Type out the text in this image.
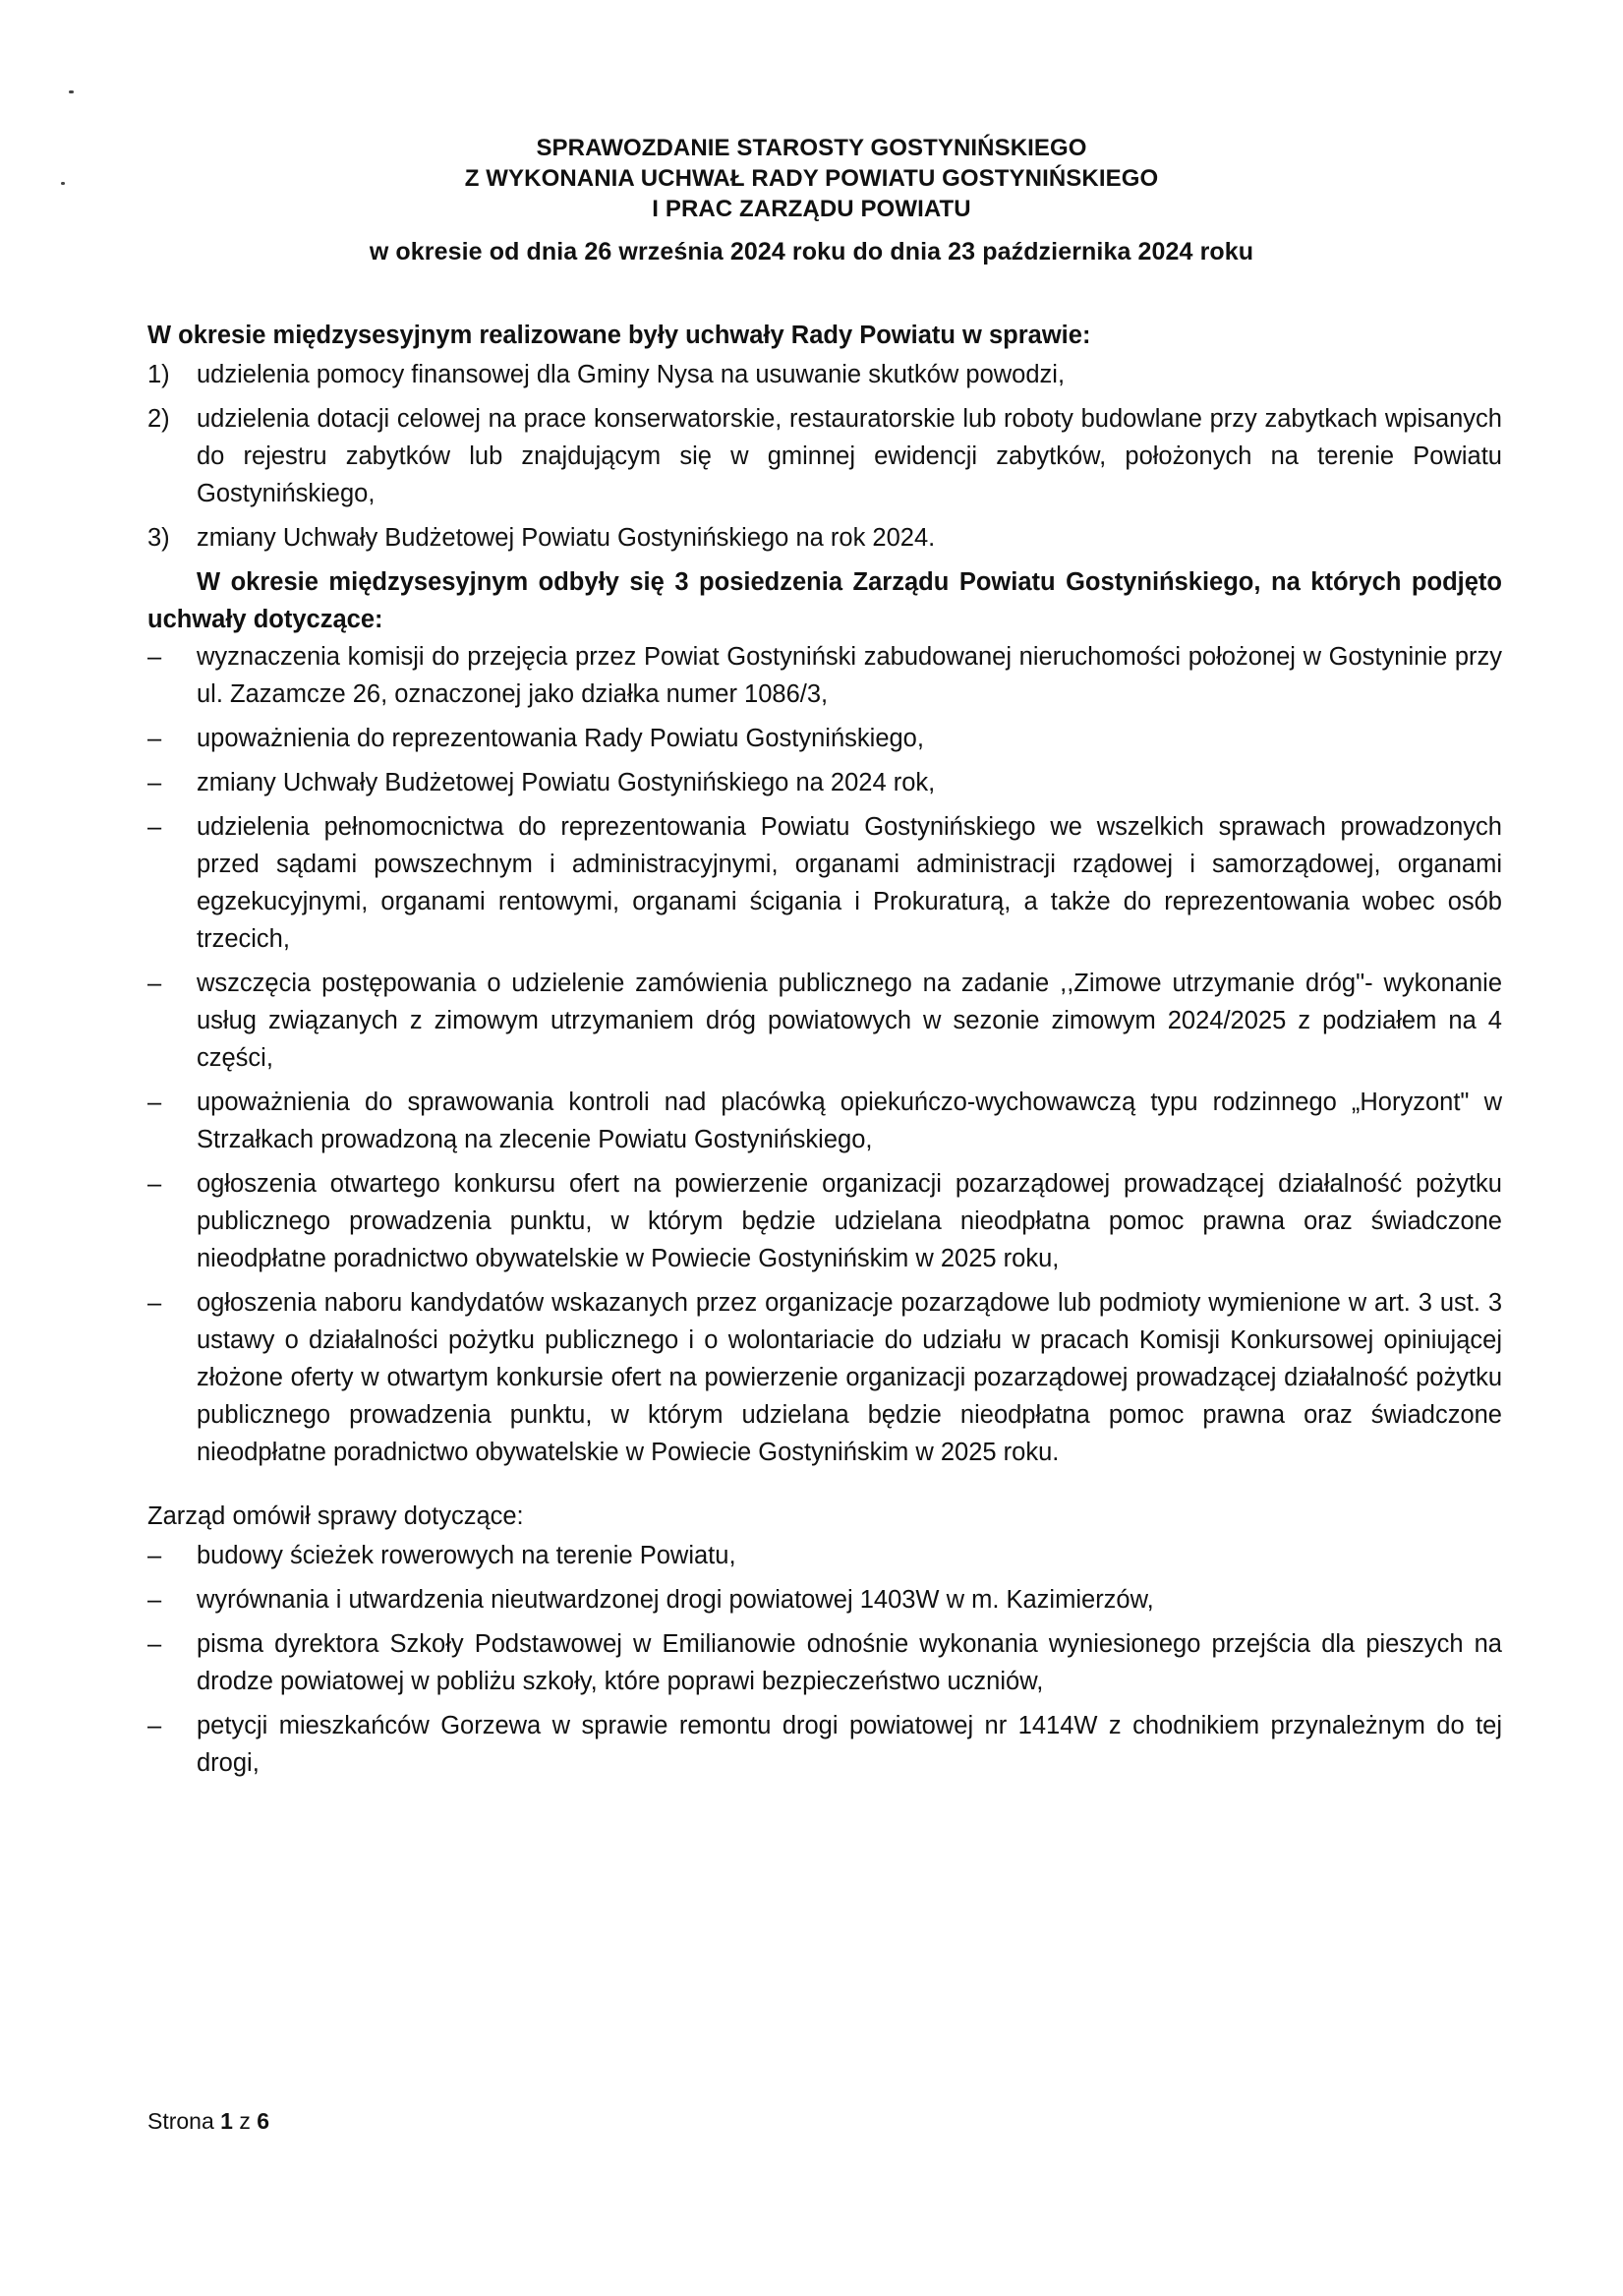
SPRAWOZDANIE STAROSTY GOSTYNIŃSKIEGO
Z WYKONANIA UCHWAŁ RADY POWIATU GOSTYNIŃSKIEGO
I PRAC ZARZĄDU POWIATU
w okresie od dnia 26 września 2024 roku do dnia 23 października 2024 roku

W okresie międzysesyjnym realizowane były uchwały Rady Powiatu w sprawie:

1)	udzielenia pomocy finansowej dla Gminy Nysa na usuwanie skutków powodzi,
2)	udzielenia dotacji celowej na prace konserwatorskie, restauratorskie lub roboty budowlane przy zabytkach wpisanych do rejestru zabytków lub znajdującym się w gminnej ewidencji zabytków, położonych na terenie Powiatu Gostynińskiego,
3)	zmiany Uchwały Budżetowej Powiatu Gostynińskiego na rok 2024.

W okresie międzysesyjnym odbyły się 3 posiedzenia Zarządu Powiatu Gostynińskiego, na których podjęto uchwały dotyczące:

–	wyznaczenia komisji do przejęcia przez Powiat Gostyniński zabudowanej nieruchomości położonej w Gostyninie przy ul. Zazamcze 26, oznaczonej jako działka numer 1086/3,
–	upoważnienia do reprezentowania Rady Powiatu Gostynińskiego,
–	zmiany Uchwały Budżetowej Powiatu Gostynińskiego na 2024 rok,
–	udzielenia pełnomocnictwa do reprezentowania Powiatu Gostynińskiego we wszelkich sprawach prowadzonych przed sądami powszechnym i administracyjnymi, organami administracji rządowej i samorządowej, organami egzekucyjnymi, organami rentowymi, organami ścigania i Prokuraturą, a także do reprezentowania wobec osób trzecich,
–	wszczęcia postępowania o udzielenie zamówienia publicznego na zadanie ,,Zimowe utrzymanie dróg"- wykonanie usług związanych z zimowym utrzymaniem dróg powiatowych w sezonie zimowym 2024/2025 z podziałem na 4 części,
–	upoważnienia do sprawowania kontroli nad placówką opiekuńczo-wychowawczą typu rodzinnego „Horyzont" w Strzałkach prowadzoną na zlecenie Powiatu Gostynińskiego,
–	ogłoszenia otwartego konkursu ofert na powierzenie organizacji pozarządowej prowadzącej działalność pożytku publicznego prowadzenia punktu, w którym będzie udzielana nieodpłatna pomoc prawna oraz świadczone nieodpłatne poradnictwo obywatelskie w Powiecie Gostynińskim w 2025 roku,
–	ogłoszenia naboru kandydatów wskazanych przez organizacje pozarządowe lub podmioty wymienione w art. 3 ust. 3 ustawy o działalności pożytku publicznego i o wolontariacie do udziału w pracach Komisji Konkursowej opiniującej złożone oferty w otwartym konkursie ofert na powierzenie organizacji pozarządowej prowadzącej działalność pożytku publicznego prowadzenia punktu, w którym udzielana będzie nieodpłatna pomoc prawna oraz świadczone nieodpłatne poradnictwo obywatelskie w Powiecie Gostynińskim w 2025 roku.

Zarząd omówił sprawy dotyczące:

–	budowy ścieżek rowerowych na terenie Powiatu,
–	wyrównania i utwardzenia nieutwardzonej drogi powiatowej 1403W w m. Kazimierzów,
–	pisma dyrektora Szkoły Podstawowej w Emilianowie odnośnie wykonania wyniesionego przejścia dla pieszych na drodze powiatowej w pobliżu szkoły, które poprawi bezpieczeństwo uczniów,
–	petycji mieszkańców Gorzewa w sprawie remontu drogi powiatowej nr 1414W z chodnikiem przynależnym do tej drogi,
Strona 1 z 6
